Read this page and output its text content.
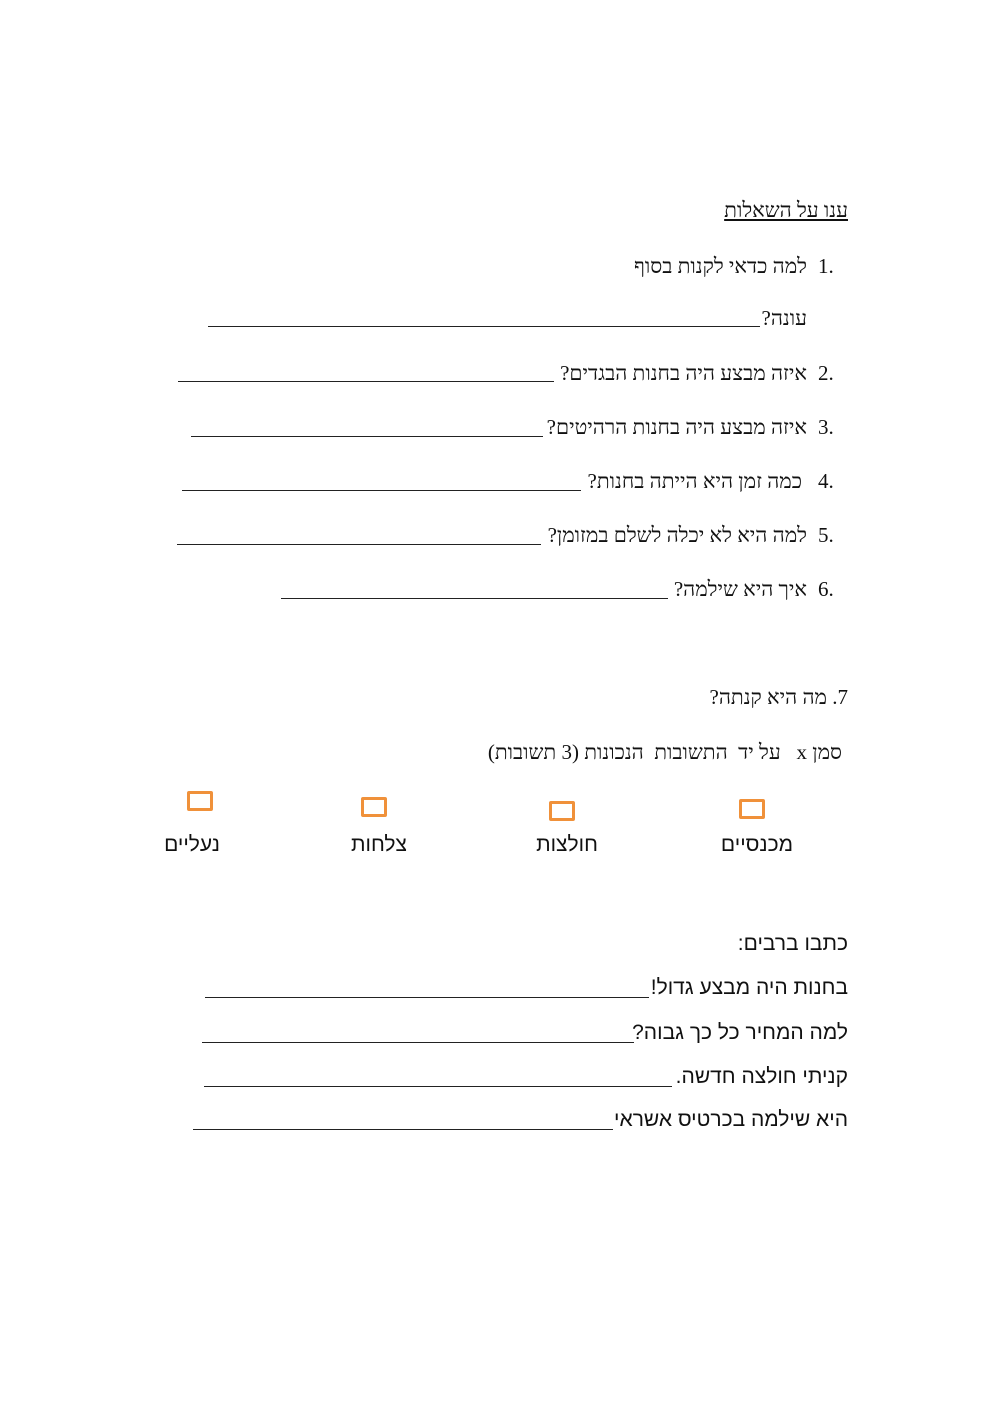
ענו על השאלות
1.
למה כדאי לקנות בסוף
עונה?
2.
איזה מבצע היה בחנות הבגדים?
3.
איזה מבצע היה בחנות הרהיטים?
4.
כמה זמן היא הייתה בחנות?
5.
למה היא לא יכלה לשלם במזומן?
6.
איך היא שילמה?
7. מה היא קנתה?
סמן x   על יד  התשובות  הנכונות (3 תשובות)
מכנסיים
חולצות
צלחות
נעליים
כתבו ברבים:
בחנות היה מבצע גדול!
למה המחיר כל כך גבוה?
קניתי חולצה חדשה.
היא שילמה בכרטיס אשראי
